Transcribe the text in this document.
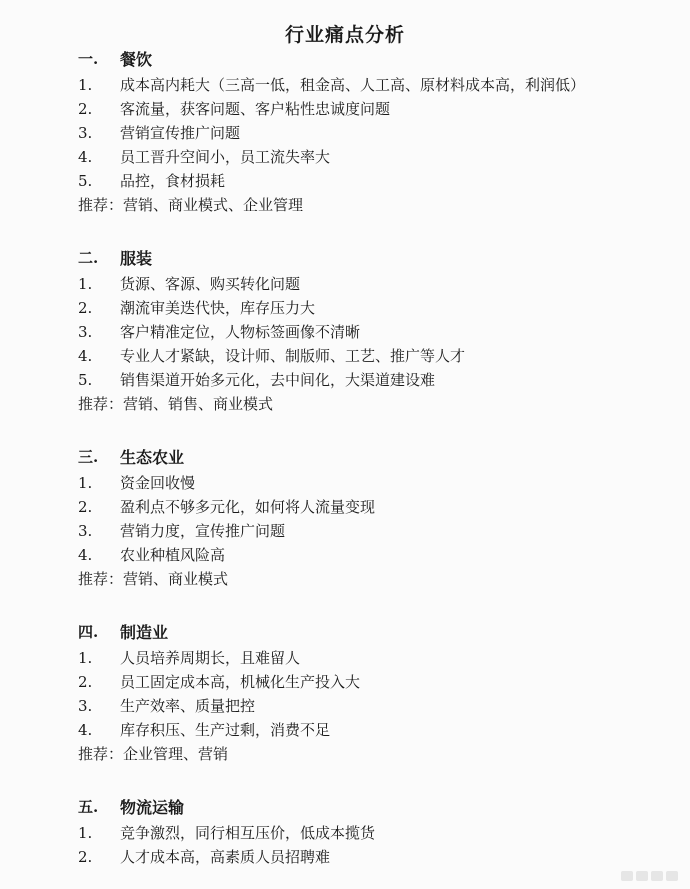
行业痛点分析
一.	餐饮
1.	成本高内耗大（三高一低，租金高、人工高、原材料成本高，利润低）
2.	客流量，获客问题、客户粘性忠诚度问题
3.	营销宣传推广问题
4.	员工晋升空间小，员工流失率大
5.	品控，食材损耗
推荐：营销、商业模式、企业管理
二.	服装
1.	货源、客源、购买转化问题
2.	潮流审美迭代快，库存压力大
3.	客户精准定位，人物标签画像不清晰
4.	专业人才紧缺，设计师、制版师、工艺、推广等人才
5.	销售渠道开始多元化，去中间化，大渠道建设难
推荐：营销、销售、商业模式
三.	生态农业
1.	资金回收慢
2.	盈利点不够多元化，如何将人流量变现
3.	营销力度，宣传推广问题
4.	农业种植风险高
推荐：营销、商业模式
四.	制造业
1.	人员培养周期长，且难留人
2.	员工固定成本高，机械化生产投入大
3.	生产效率、质量把控
4.	库存积压、生产过剩，消费不足
推荐：企业管理、营销
五.	物流运输
1.	竞争激烈，同行相互压价，低成本揽货
2.	人才成本高，高素质人员招聘难
